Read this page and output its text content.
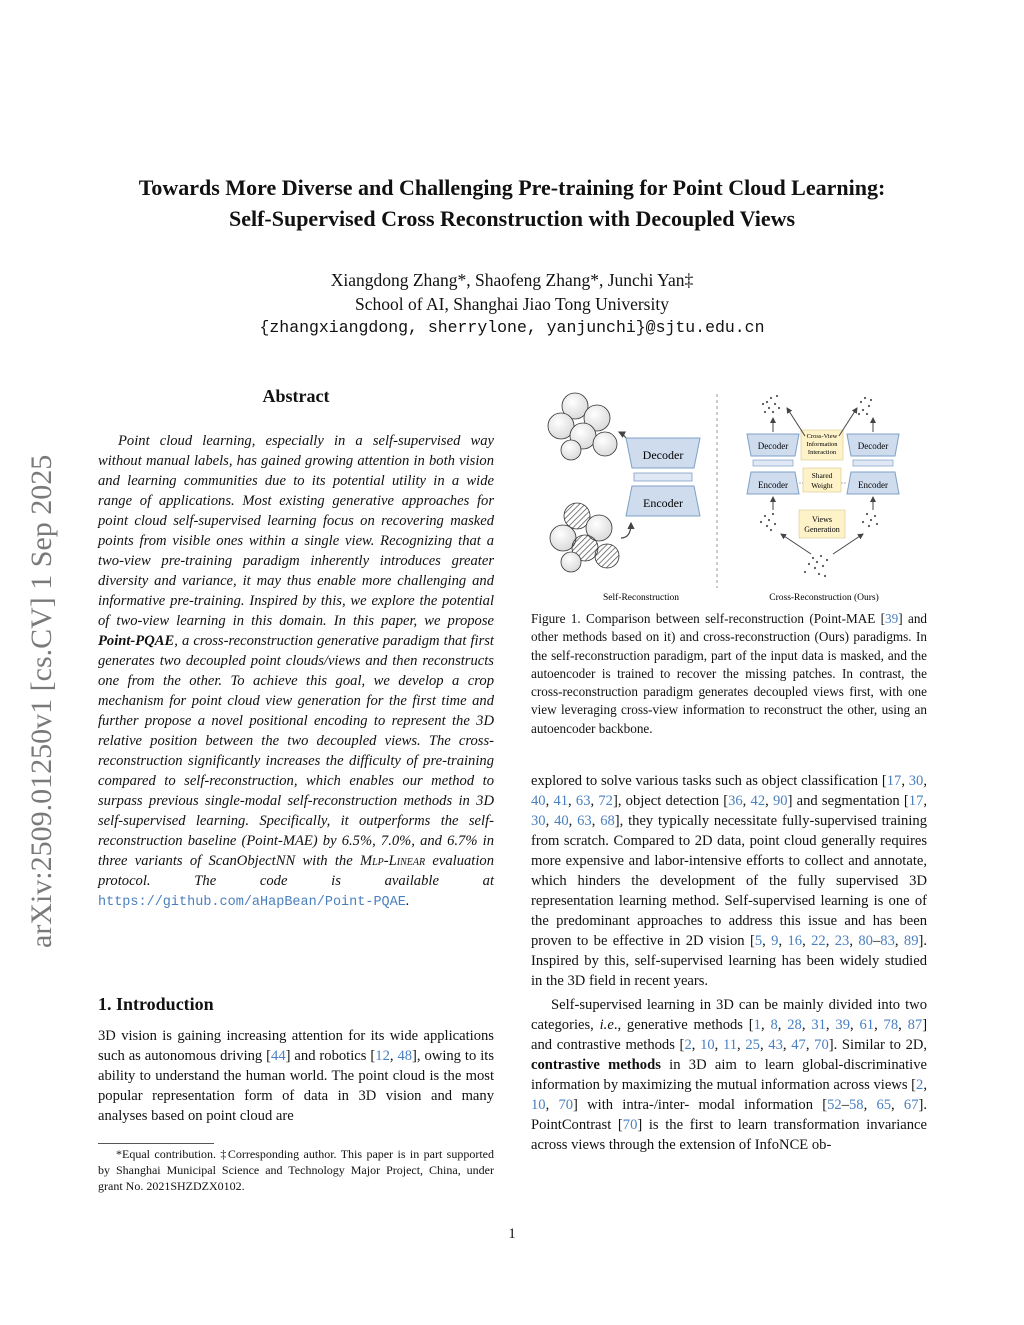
Towards More Diverse and Challenging Pre-training for Point Cloud Learning:
Self-Supervised Cross Reconstruction with Decoupled Views
Xiangdong Zhang*, Shaofeng Zhang*, Junchi Yan‡
School of AI, Shanghai Jiao Tong University
{zhangxiangdong, sherrylone, yanjunchi}@sjtu.edu.cn
arXiv:2509.01250v1 [cs.CV] 1 Sep 2025
Abstract
Point cloud learning, especially in a self-supervised way without manual labels, has gained growing attention in both vision and learning communities due to its potential utility in a wide range of applications. Most existing generative approaches for point cloud self-supervised learning focus on recovering masked points from visible ones within a single view. Recognizing that a two-view pre-training paradigm inherently introduces greater diversity and variance, it may thus enable more challenging and informative pre-training. Inspired by this, we explore the potential of two-view learning in this domain. In this paper, we propose Point-PQAE, a cross-reconstruction generative paradigm that first generates two decoupled point clouds/views and then reconstructs one from the other. To achieve this goal, we develop a crop mechanism for point cloud view generation for the first time and further propose a novel positional encoding to represent the 3D relative position between the two decoupled views. The cross-reconstruction significantly increases the difficulty of pre-training compared to self-reconstruction, which enables our method to surpass previous single-modal self-reconstruction methods in 3D self-supervised learning. Specifically, it outperforms the self-reconstruction baseline (Point-MAE) by 6.5%, 7.0%, and 6.7% in three variants of ScanObjectNN with the Mlp-Linear evaluation protocol. The code is available at https://github.com/aHapBean/Point-PQAE.
1. Introduction
3D vision is gaining increasing attention for its wide applications such as autonomous driving [44] and robotics [12, 48], owing to its ability to understand the human world. The point cloud is the most popular representation form of data in 3D vision and many analyses based on point cloud are
*Equal contribution. ‡Corresponding author. This paper is in part supported by Shanghai Municipal Science and Technology Major Project, China, under grant No. 2021SHZDZX0102.
Decoder
Encoder
Decoder
Encoder
Decoder
Encoder
Cross-View
Information
Interaction
Shared
Weight
Views
Generation
Self-Reconstruction	Cross-Reconstruction (Ours)
Figure 1. Comparison between self-reconstruction (Point-MAE [39] and other methods based on it) and cross-reconstruction (Ours) paradigms. In the self-reconstruction paradigm, part of the input data is masked, and the autoencoder is trained to recover the missing patches. In contrast, the cross-reconstruction paradigm generates decoupled views first, with one view leveraging cross-view information to reconstruct the other, using an autoencoder backbone.

explored to solve various tasks such as object classification [17, 30, 40, 41, 63, 72], object detection [36, 42, 90] and segmentation [17, 30, 40, 63, 68], they typically necessitate fully-supervised training from scratch. Compared to 2D data, point cloud generally requires more expensive and labor-intensive efforts to collect and annotate, which hinders the development of the fully supervised 3D representation learning method. Self-supervised learning is one of the predominant approaches to address this issue and has been proven to be effective in 2D vision [5, 9, 16, 22, 23, 80–83, 89]. Inspired by this, self-supervised learning has been widely studied in the 3D field in recent years.

Self-supervised learning in 3D can be mainly divided into two categories, i.e., generative methods [1, 8, 28, 31, 39, 61, 78, 87] and contrastive methods [2, 10, 11, 25, 43, 47, 70]. Similar to 2D, contrastive methods in 3D aim to learn global-discriminative information by maximizing the mutual information across views [2, 10, 70] with intra-/inter- modal information [52–58, 65, 67]. PointContrast [70] is the first to learn transformation invariance across views through the extension of InfoNCE ob-

1
